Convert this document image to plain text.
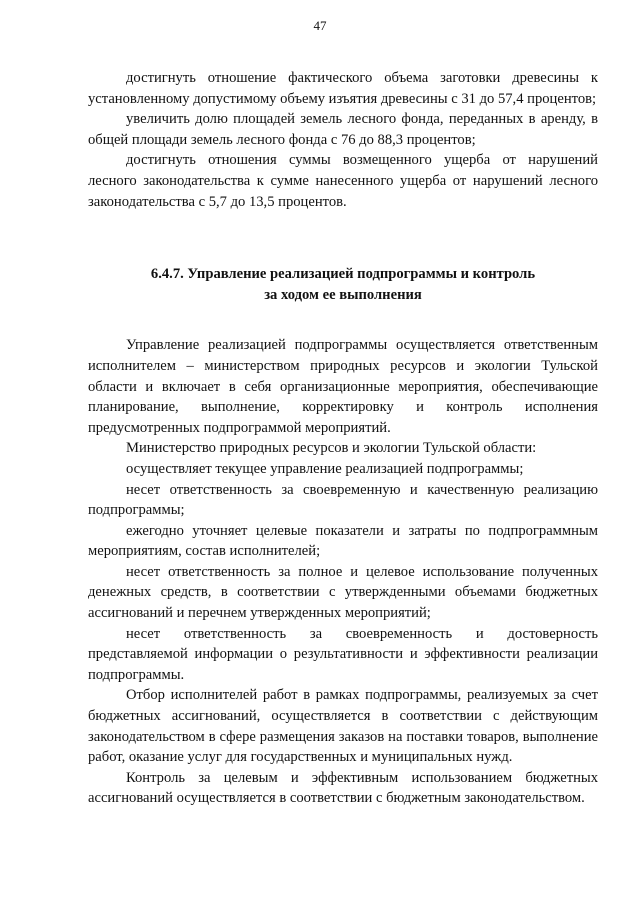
47

достигнуть отношение фактического объема заготовки древесины к установленному допустимому объему изъятия древесины с 31 до 57,4 процентов;

увеличить долю площадей земель лесного фонда, переданных в аренду, в общей площади земель лесного фонда с 76 до 88,3 процентов;

достигнуть отношения суммы возмещенного ущерба от нарушений лесного законодательства к сумме нанесенного ущерба от нарушений лесного законодательства с 5,7 до 13,5 процентов.

6.4.7. Управление реализацией подпрограммы и контроль
за ходом ее выполнения

Управление реализацией подпрограммы осуществляется ответственным исполнителем – министерством природных ресурсов и экологии Тульской области и включает в себя организационные мероприятия, обеспечивающие планирование, выполнение, корректировку и контроль исполнения предусмотренных подпрограммой мероприятий.

Министерство природных ресурсов и экологии Тульской области:

осуществляет текущее управление реализацией подпрограммы;

несет ответственность за своевременную и качественную реализацию подпрограммы;

ежегодно уточняет целевые показатели и затраты по подпрограммным мероприятиям, состав исполнителей;

несет ответственность за полное и целевое использование полученных денежных средств, в соответствии с утвержденными объемами бюджетных ассигнований и перечнем утвержденных мероприятий;

несет ответственность за своевременность и достоверность представляемой информации о результативности и эффективности реализации подпрограммы.

Отбор исполнителей работ в рамках подпрограммы, реализуемых за счет бюджетных ассигнований, осуществляется в соответствии с действующим законодательством в сфере размещения заказов на поставки товаров, выполнение работ, оказание услуг для государственных и муниципальных нужд.

Контроль за целевым и эффективным использованием бюджетных ассигнований осуществляется в соответствии с бюджетным законодательством.
